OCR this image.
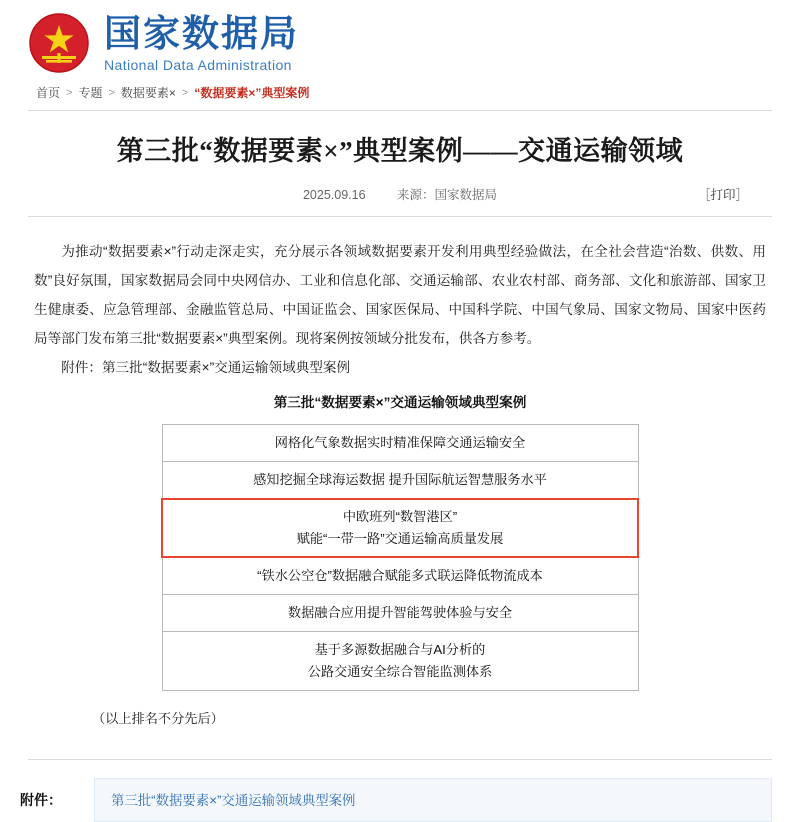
国家数据局
National Data Administration
首页 > 专题 > 数据要素× > “数据要素×”典型案例
第三批“数据要素×”典型案例——交通运输领域
2025.09.16	来源：国家数据局	［打印］

为推动“数据要素×”行动走深走实，充分展示各领域数据要素开发利用典型经验做法，在全社会营造“治数、供数、用数”良好氛围，国家数据局会同中央网信办、工业和信息化部、交通运输部、农业农村部、商务部、文化和旅游部、国家卫生健康委、应急管理部、金融监管总局、中国证监会、国家医保局、中国科学院、中国气象局、国家文物局、国家中医药局等部门发布第三批“数据要素×”典型案例。现将案例按领域分批发布，供各方参考。

附件：第三批“数据要素×”交通运输领域典型案例

第三批“数据要素×”交通运输领域典型案例
网格化气象数据实时精准保障交通运输安全

感知挖掘全球海运数据 提升国际航运智慧服务水平

中欧班列“数智港区”
赋能“一带一路”交通运输高质量发展

“铁水公空仓”数据融合赋能多式联运降低物流成本

数据融合应用提升智能驾驶体验与安全

基于多源数据融合与AI分析的
公路交通安全综合智能监测体系
（以上排名不分先后）
附件：	第三批“数据要素×”交通运输领域典型案例
